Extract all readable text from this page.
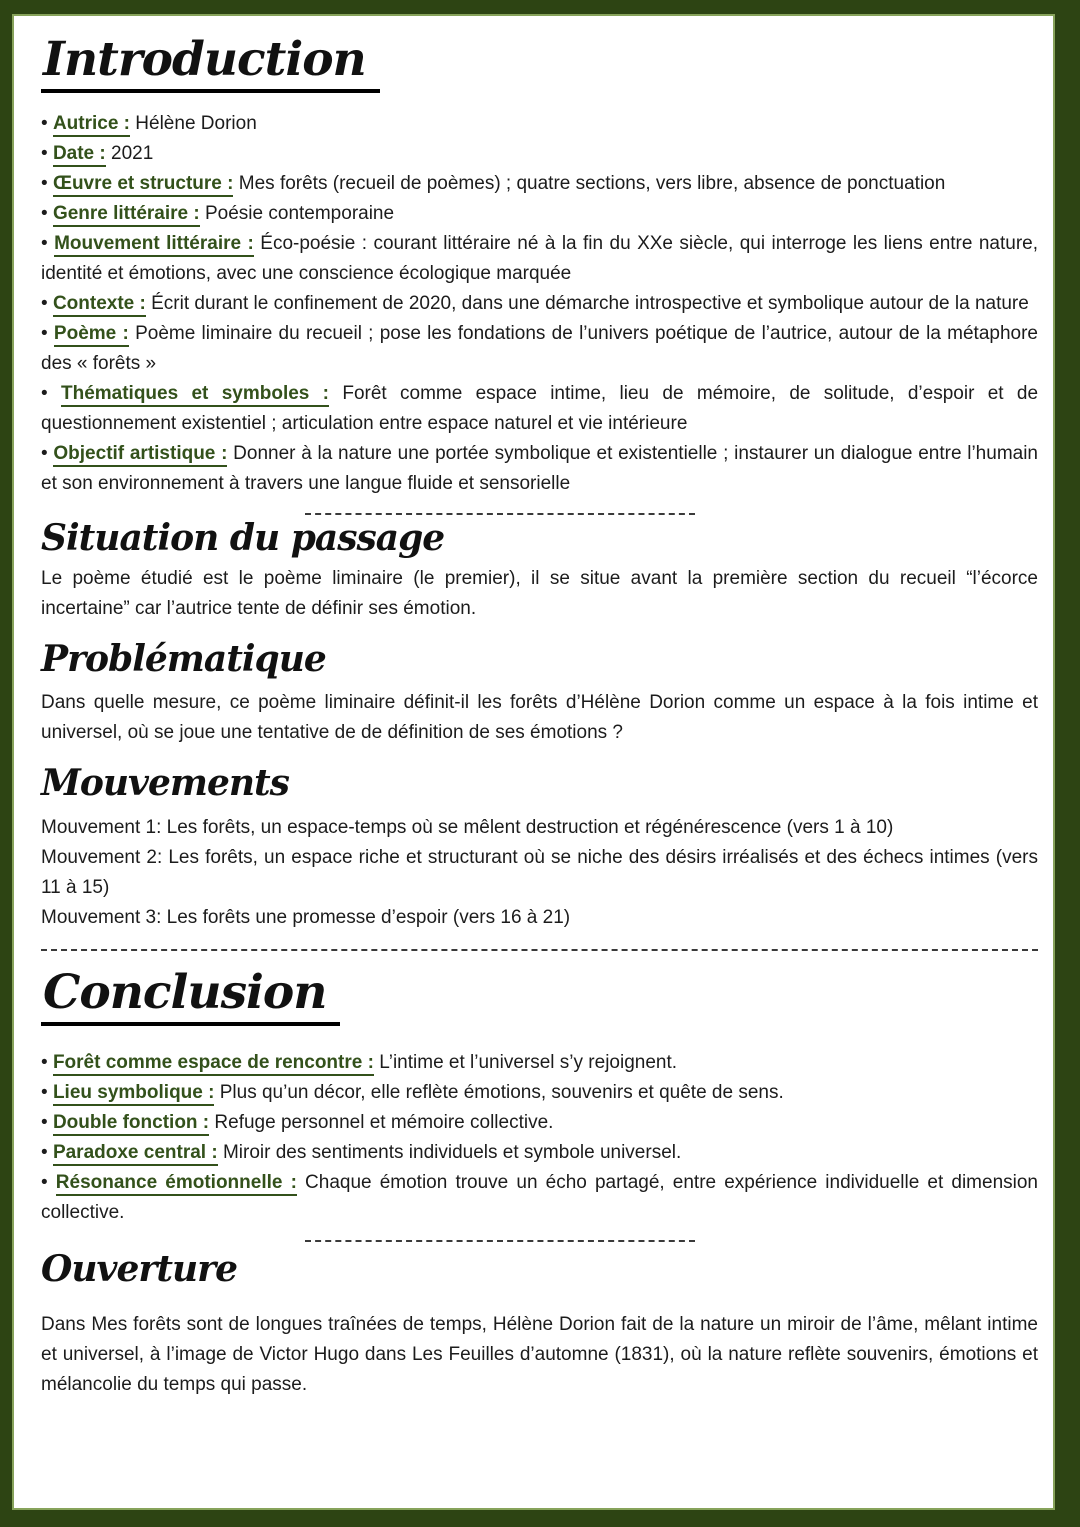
Introduction

• Autrice : Hélène Dorion

• Date : 2021

• Œuvre et structure : Mes forêts (recueil de poèmes) ; quatre sections, vers libre, absence de ponctuation

• Genre littéraire : Poésie contemporaine

• Mouvement littéraire : Éco-poésie : courant littéraire né à la fin du XXe siècle, qui interroge les liens entre nature, identité et émotions, avec une conscience écologique marquée

• Contexte : Écrit durant le confinement de 2020, dans une démarche introspective et symbolique autour de la nature

• Poème : Poème liminaire du recueil ; pose les fondations de l’univers poétique de l’autrice, autour de la métaphore des « forêts »

• Thématiques et symboles : Forêt comme espace intime, lieu de mémoire, de solitude, d’espoir et de questionnement existentiel ; articulation entre espace naturel et vie intérieure

• Objectif artistique : Donner à la nature une portée symbolique et existentielle ; instaurer un dialogue entre l’humain et son environnement à travers une langue fluide et sensorielle

Situation du passage

Le poème étudié est le poème liminaire (le premier), il se situe avant la première section du recueil “l’écorce incertaine” car l’autrice tente de définir ses émotion.

Problématique

Dans quelle mesure, ce poème liminaire définit-il les forêts d’Hélène Dorion comme un espace à la fois intime et universel, où se joue une tentative de de définition de ses émotions ?

Mouvements

Mouvement 1: Les forêts, un espace-temps où se mêlent destruction et régénérescence (vers 1 à 10)

Mouvement 2: Les forêts, un espace riche et structurant où se niche des désirs irréalisés et des échecs intimes (vers 11 à 15)

Mouvement 3: Les forêts une promesse d’espoir (vers 16 à 21)

Conclusion

• Forêt comme espace de rencontre : L’intime et l’universel s’y rejoignent.

• Lieu symbolique : Plus qu’un décor, elle reflète émotions, souvenirs et quête de sens.

• Double fonction : Refuge personnel et mémoire collective.

• Paradoxe central : Miroir des sentiments individuels et symbole universel.

• Résonance émotionnelle : Chaque émotion trouve un écho partagé, entre expérience individuelle et dimension collective.

Ouverture

Dans Mes forêts sont de longues traînées de temps, Hélène Dorion fait de la nature un miroir de l’âme, mêlant intime et universel, à l’image de Victor Hugo dans Les Feuilles d’automne (1831), où la nature reflète souvenirs, émotions et mélancolie du temps qui passe.
